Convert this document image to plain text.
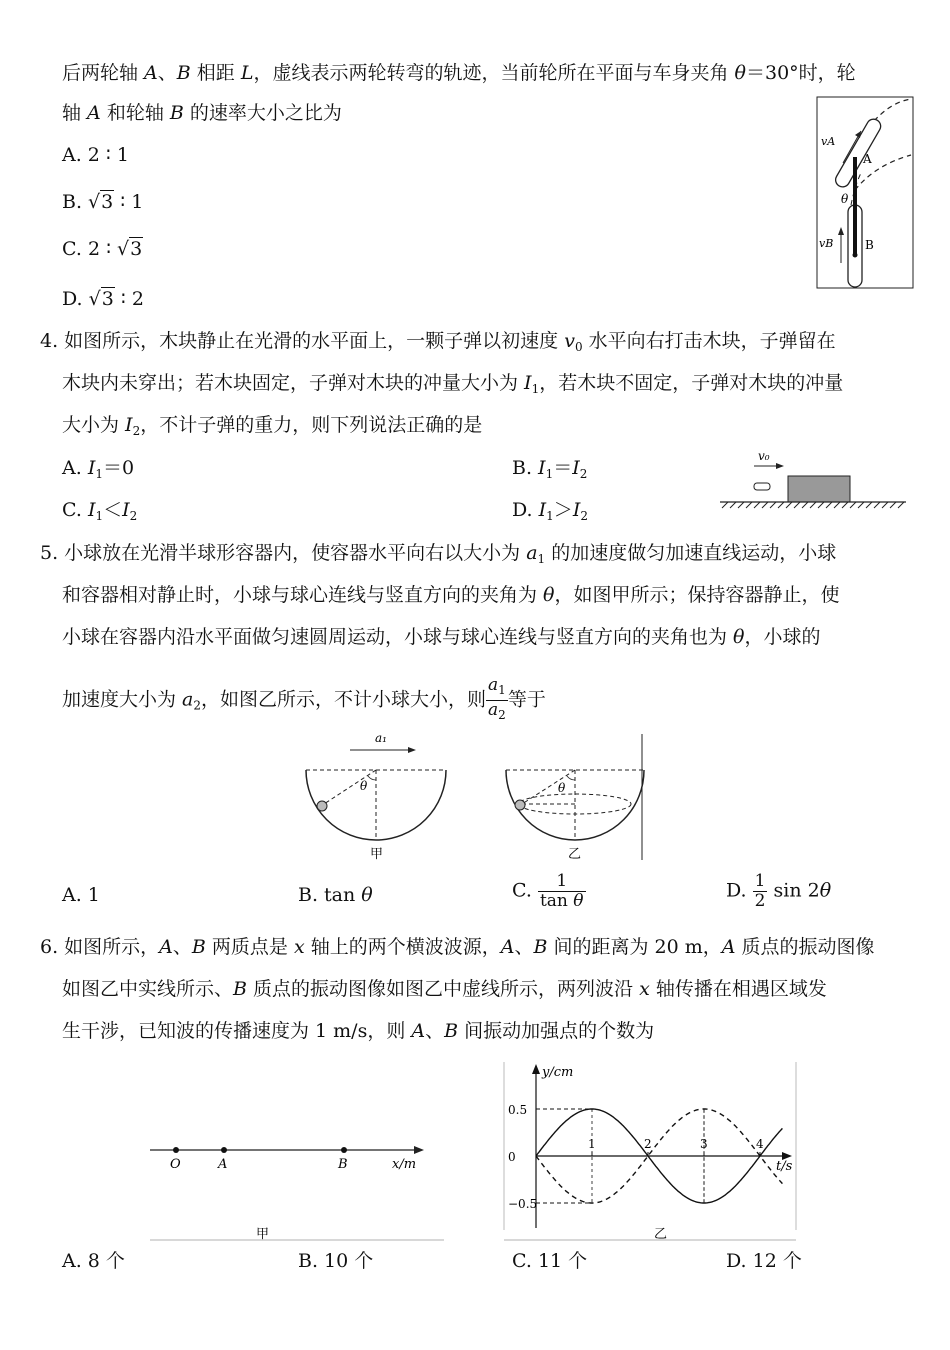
后两轮轴 A、B 相距 L，虚线表示两轮转弯的轨迹，当前轮所在平面与车身夹角 θ＝30°时，轮
轴 A 和轮轴 B 的速率大小之比为
A. 2 ∶ 1
B. √3 ∶ 1
C. 2 ∶ √3
D. √3 ∶ 2
vA
A
θ
vB	B
4. 如图所示，木块静止在光滑的水平面上，一颗子弹以初速度 $v_0$ 水平向右打击木块，子弹留在
木块内未穿出；若木块固定，子弹对木块的冲量大小为 $I_1$，若木块不固定，子弹对木块的冲量
大小为 $I_2$，不计子弹的重力，则下列说法正确的是
A. $I_1=0$	B. $I_1=I_2$
C. $I_1<I_2$	D. $I_1>I_2$
v₀
5. 小球放在光滑半球形容器内，使容器水平向右以大小为 $a_1$ 的加速度做匀加速直线运动，小球
和容器相对静止时，小球与球心连线与竖直方向的夹角为 θ，如图甲所示；保持容器静止，使
小球在容器内沿水平面做匀速圆周运动，小球与球心连线与竖直方向的夹角也为 θ，小球的
加速度大小为 $a_2$，如图乙所示，不计小球大小，则 $\frac{a_1}{a_2}$ 等于
a₁
θ
甲
θ
乙
A. 1	B. tan θ	C. $\frac{1}{\text{tan θ}}$	D. $\frac{1}{2}$ sin 2θ
6. 如图所示，A、B 两质点是 x 轴上的两个横波波源，A、B 间的距离为 20 m，A 质点的振动图像
如图乙中实线所示、B 质点的振动图像如图乙中虚线所示，两列波沿 x 轴传播在相遇区域发
生干涉，已知波的传播速度为 1 m/s，则 A、B 间振动加强点的个数为
O	A	B	x/m
甲
0.5
0
−0.5
1	2	3	4
y/cm
t/s
乙
A. 8 个	B. 10 个	C. 11 个	D. 12 个
